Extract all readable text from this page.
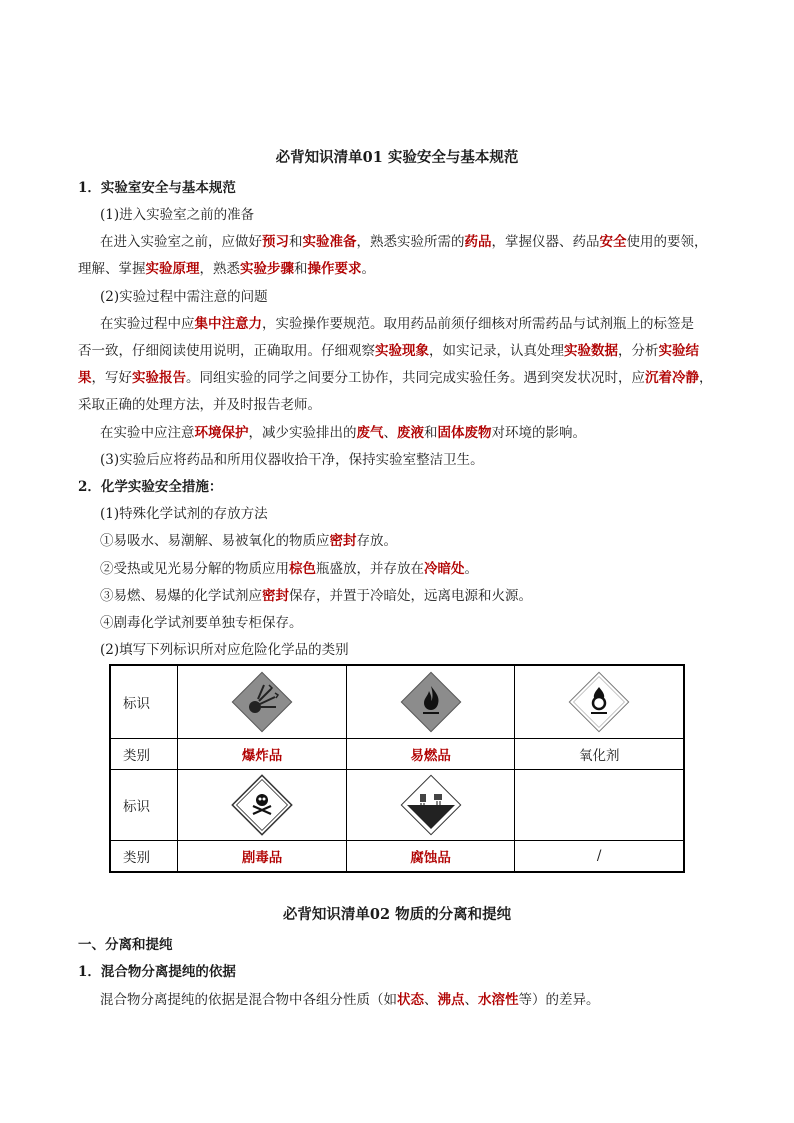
必背知识清单01 实验安全与基本规范
1．实验室安全与基本规范
(1)进入实验室之前的准备
在进入实验室之前，应做好预习和实验准备，熟悉实验所需的药品，掌握仪器、药品安全使用的要领，
理解、掌握实验原理，熟悉实验步骤和操作要求。
(2)实验过程中需注意的问题
在实验过程中应集中注意力，实验操作要规范。取用药品前须仔细核对所需药品与试剂瓶上的标签是
否一致，仔细阅读使用说明，正确取用。仔细观察实验现象，如实记录，认真处理实验数据，分析实验结
果，写好实验报告。同组实验的同学之间要分工协作，共同完成实验任务。遇到突发状况时，应沉着冷静，
采取正确的处理方法，并及时报告老师。
在实验中应注意环境保护，减少实验排出的废气、废液和固体废物对环境的影响。
(3)实验后应将药品和所用仪器收拾干净，保持实验室整洁卫生。
2．化学实验安全措施：
(1)特殊化学试剂的存放方法
①易吸水、易潮解、易被氧化的物质应密封存放。
②受热或见光易分解的物质应用棕色瓶盛放，并存放在冷暗处。
③易燃、易爆的化学试剂应密封保存，并置于冷暗处，远离电源和火源。
④剧毒化学试剂要单独专柜保存。
(2)填写下列标识所对应危险化学品的类别
标识	

类别	爆炸品	易燃品	氧化剂
标识	

类别	剧毒品	腐蚀品	/
必背知识清单02 物质的分离和提纯
一、分离和提纯
1．混合物分离提纯的依据
混合物分离提纯的依据是混合物中各组分性质（如状态、沸点、水溶性等）的差异。
